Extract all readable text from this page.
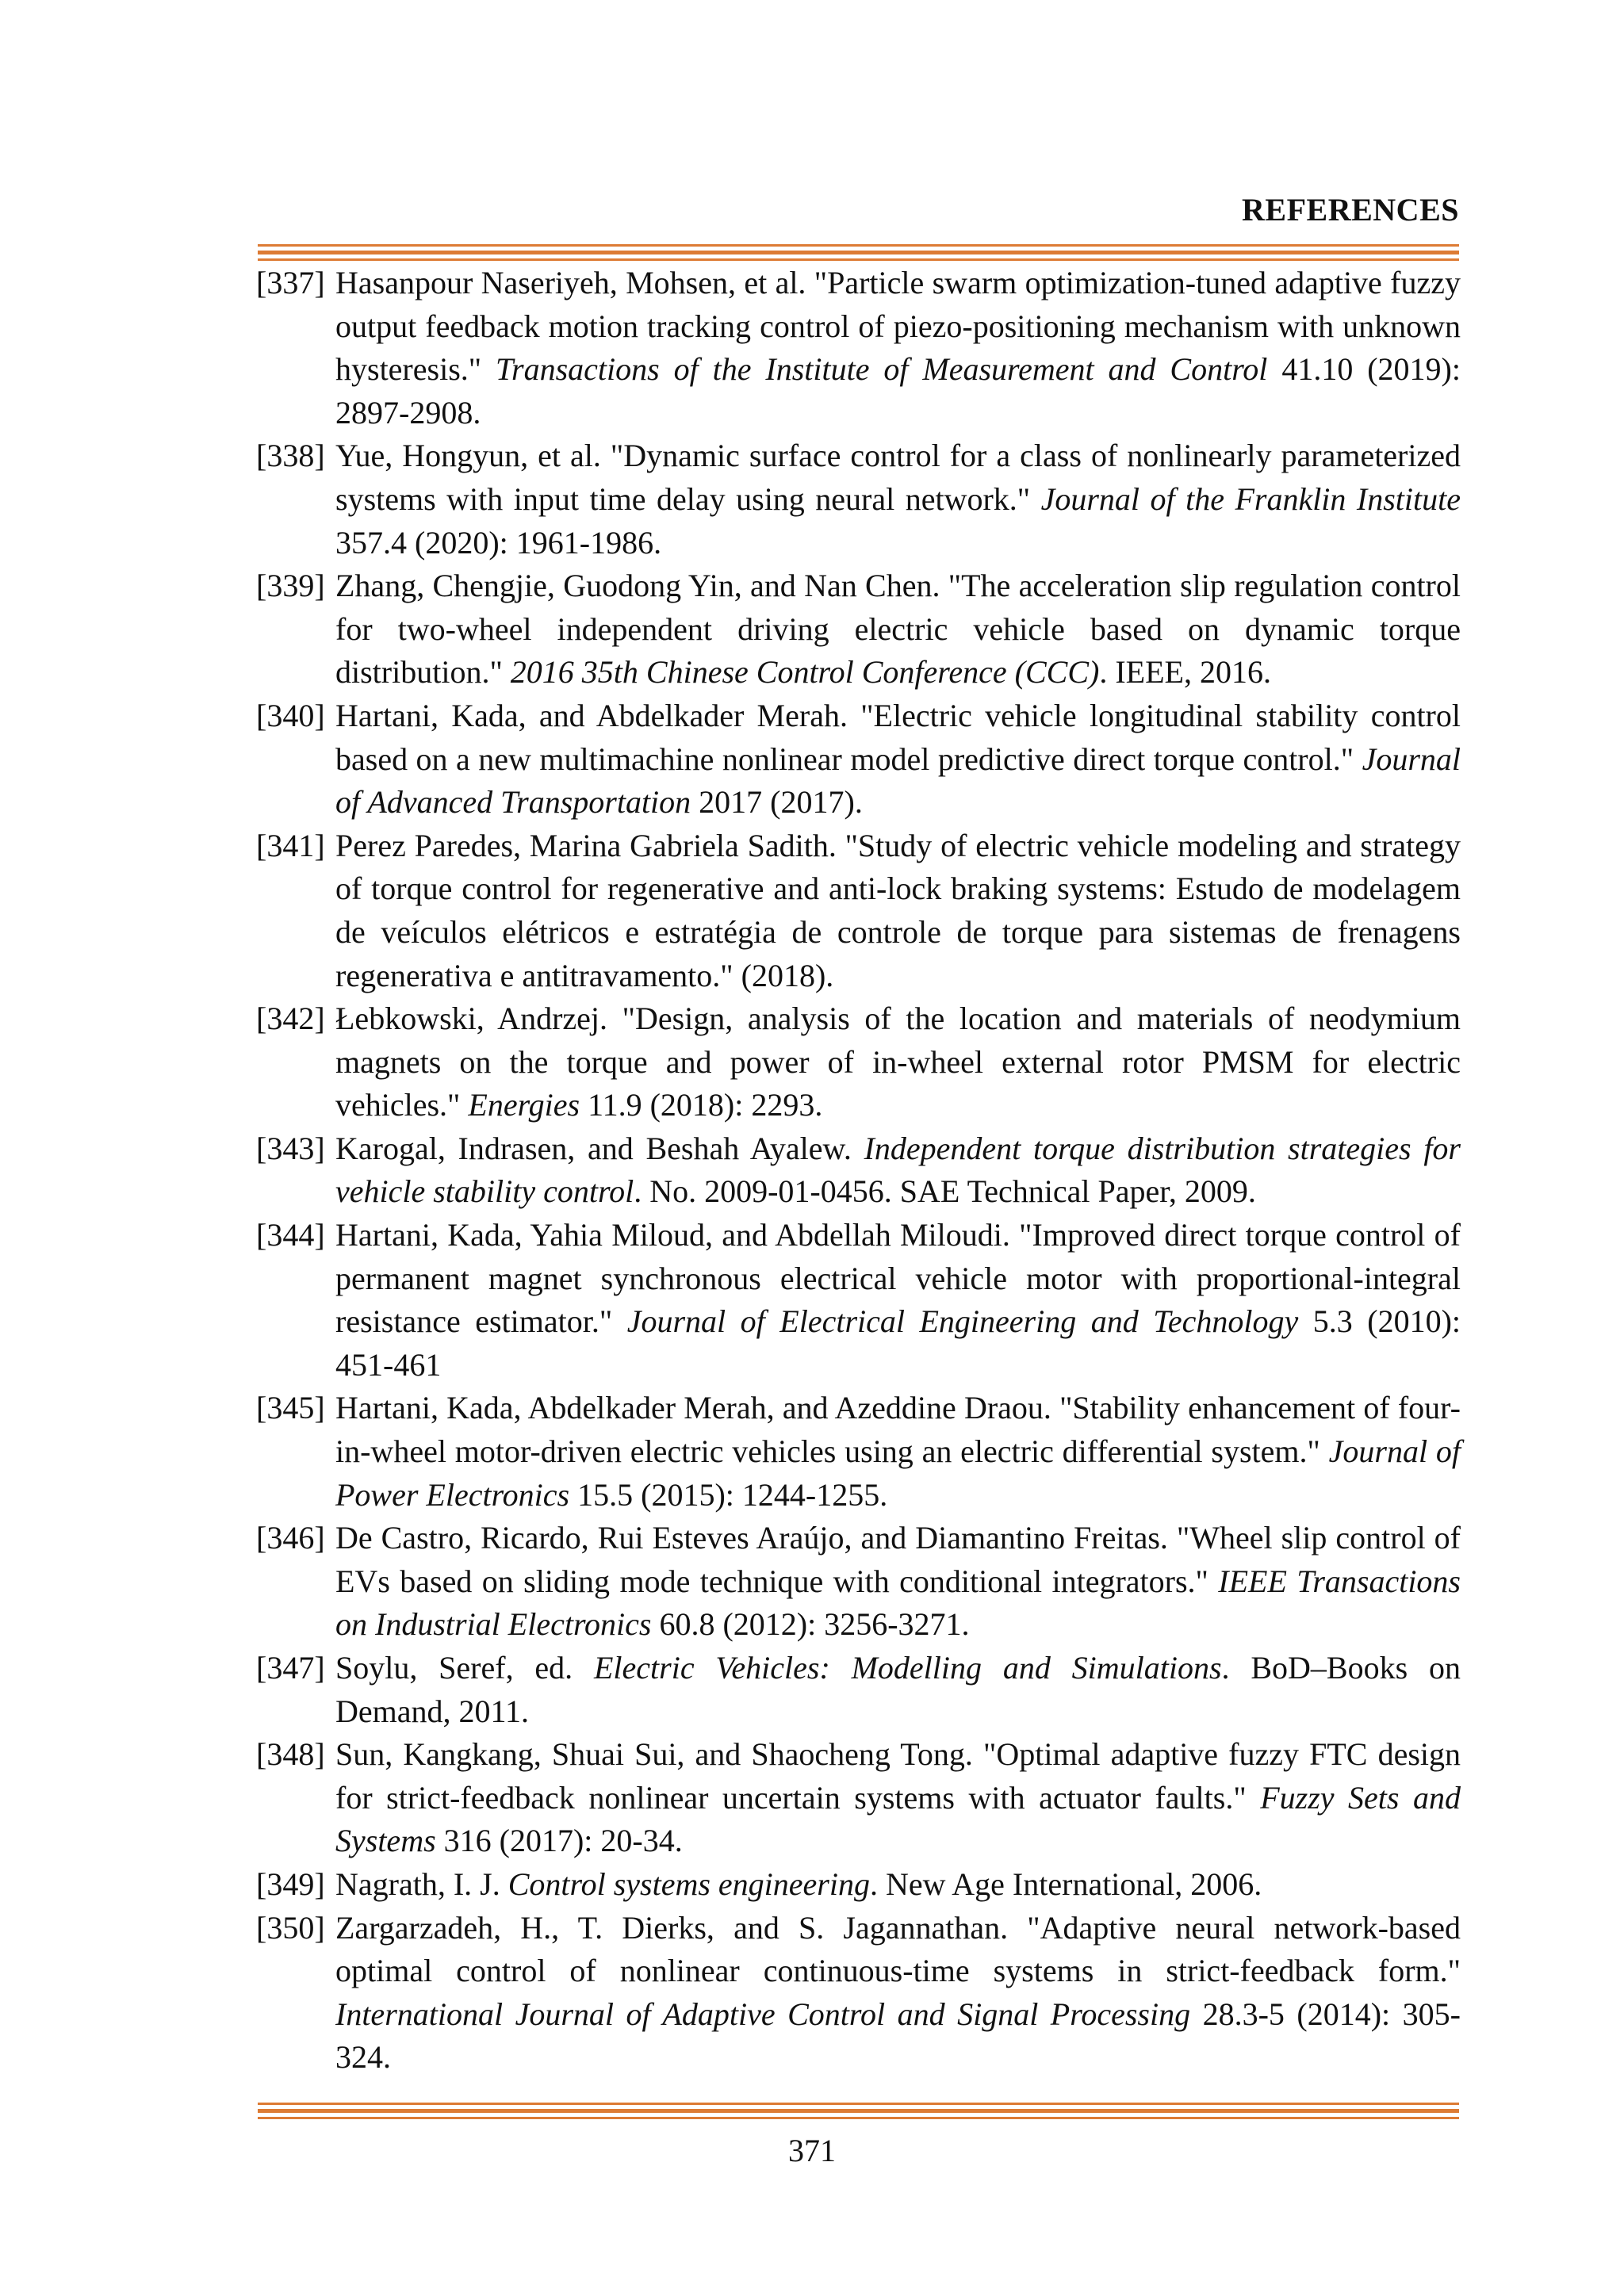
REFERENCES
[337] Hasanpour Naseriyeh, Mohsen, et al. "Particle swarm optimization-tuned adaptive fuzzy output feedback motion tracking control of piezo-positioning mechanism with unknown hysteresis." Transactions of the Institute of Measurement and Control 41.10 (2019): 2897-2908.
[338] Yue, Hongyun, et al. "Dynamic surface control for a class of nonlinearly parameterized systems with input time delay using neural network." Journal of the Franklin Institute 357.4 (2020): 1961-1986.
[339] Zhang, Chengjie, Guodong Yin, and Nan Chen. "The acceleration slip regulation control for two-wheel independent driving electric vehicle based on dynamic torque distribution." 2016 35th Chinese Control Conference (CCC). IEEE, 2016.
[340] Hartani, Kada, and Abdelkader Merah. "Electric vehicle longitudinal stability control based on a new multimachine nonlinear model predictive direct torque control." Journal of Advanced Transportation 2017 (2017).
[341] Perez Paredes, Marina Gabriela Sadith. "Study of electric vehicle modeling and strategy of torque control for regenerative and anti-lock braking systems: Estudo de modelagem de veículos elétricos e estratégia de controle de torque para sistemas de frenagens regenerativa e antitravamento." (2018).
[342] Łebkowski, Andrzej. "Design, analysis of the location and materials of neodymium magnets on the torque and power of in-wheel external rotor PMSM for electric vehicles." Energies 11.9 (2018): 2293.
[343] Karogal, Indrasen, and Beshah Ayalew. Independent torque distribution strategies for vehicle stability control. No. 2009-01-0456. SAE Technical Paper, 2009.
[344] Hartani, Kada, Yahia Miloud, and Abdellah Miloudi. "Improved direct torque control of permanent magnet synchronous electrical vehicle motor with proportional-integral resistance estimator." Journal of Electrical Engineering and Technology 5.3 (2010): 451-461
[345] Hartani, Kada, Abdelkader Merah, and Azeddine Draou. "Stability enhancement of four-in-wheel motor-driven electric vehicles using an electric differential system." Journal of Power Electronics 15.5 (2015): 1244-1255.
[346] De Castro, Ricardo, Rui Esteves Araújo, and Diamantino Freitas. "Wheel slip control of EVs based on sliding mode technique with conditional integrators." IEEE Transactions on Industrial Electronics 60.8 (2012): 3256-3271.
[347] Soylu, Seref, ed. Electric Vehicles: Modelling and Simulations. BoD–Books on Demand, 2011.
[348] Sun, Kangkang, Shuai Sui, and Shaocheng Tong. "Optimal adaptive fuzzy FTC design for strict-feedback nonlinear uncertain systems with actuator faults." Fuzzy Sets and Systems 316 (2017): 20-34.
[349] Nagrath, I. J. Control systems engineering. New Age International, 2006.
[350] Zargarzadeh, H., T. Dierks, and S. Jagannathan. "Adaptive neural network-based optimal control of nonlinear continuous-time systems in strict-feedback form." International Journal of Adaptive Control and Signal Processing 28.3-5 (2014): 305-324.
371
